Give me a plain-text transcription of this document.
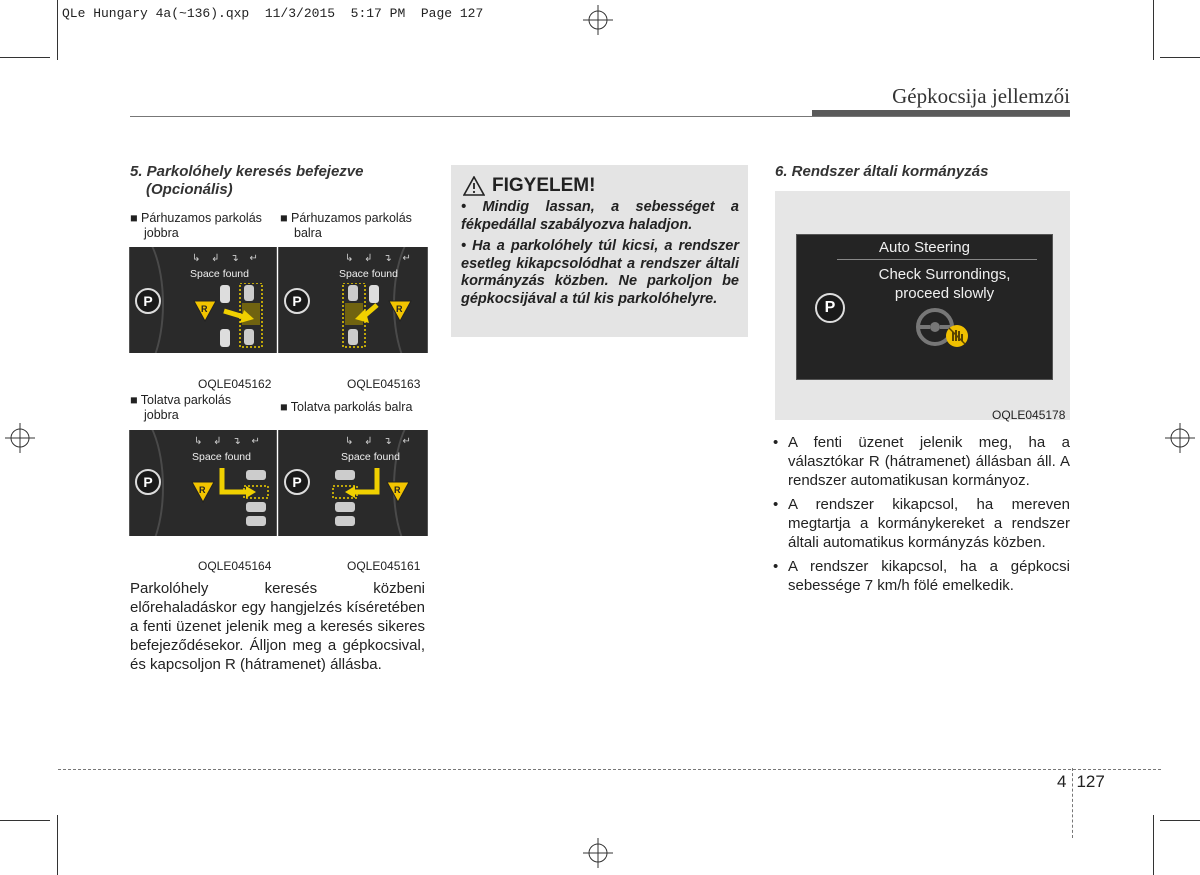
QLe Hungary 4a(~136).qxp  11/3/2015  5:17 PM  Page 127
Gépkocsija jellemzői
5. Parkolóhely keresés befejezve
(Opcionális)
■ Párhuzamos parkolás
jobbra
■ Párhuzamos parkolás
balra
↳ ↲ ↴ ↵
Space found
P	R
↳ ↲ ↴ ↵
Space found
P	R
OQLE045162	OQLE045163
■ Tolatva parkolás
jobbra
■ Tolatva parkolás balra
↳ ↲ ↴ ↵
Space found
P	R
↳ ↲ ↴ ↵
Space found
P	R
OQLE045164	OQLE045161
Parkolóhely keresés közbeni előrehaladáskor egy hangjelzés kíséretében a fenti üzenet jelenik meg a keresés sikeres befejeződésekor. Álljon meg a gépkocsival, és kapcsoljon R (hátramenet) állásba.
FIGYELEM!
• Mindig lassan, a sebességet a fékpedállal szabályozva haladjon.
• Ha a parkolóhely túl kicsi, a rendszer esetleg kikapcsolódhat a rendszer általi kormányzás közben. Ne parkoljon be gépkocsijával a túl kis parkolóhelyre.
6. Rendszer általi kormányzás
Auto Steering
Check Surrondings,
proceed slowly
P
OQLE045178
• A fenti üzenet jelenik meg, ha a választókar R (hátramenet) állásban áll. A rendszer automatikusan kormányoz.
• A rendszer kikapcsol, ha mereven megtartja a kormánykereket a rendszer általi automatikus kormányzás közben.
• A rendszer kikapcsol, ha a gépkocsi sebessége 7 km/h fölé emelkedik.
4 127
